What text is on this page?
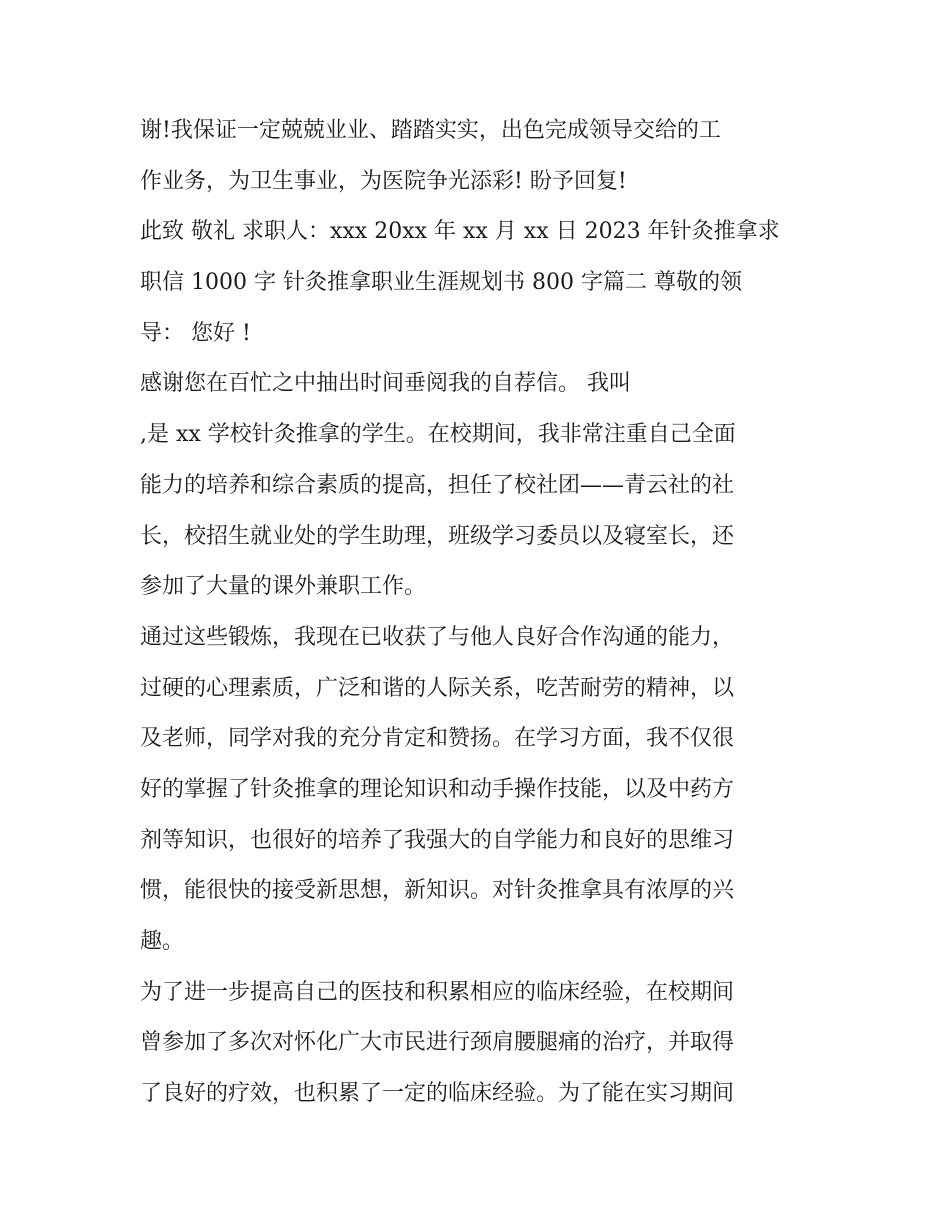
谢!我保证一定兢兢业业、踏踏实实，出色完成领导交给的工
作业务，为卫生事业，为医院争光添彩! 盼予回复!
此致 敬礼 求职人：xxx 20xx 年 xx 月 xx 日 2023 年针灸推拿求
职信 1000 字 针灸推拿职业生涯规划书 800 字篇二 尊敬的领
导： 您好 !
感谢您在百忙之中抽出时间垂阅我的自荐信。 我叫
,是 xx 学校针灸推拿的学生。在校期间，我非常注重自己全面
能力的培养和综合素质的提高，担任了校社团——青云社的社
长，校招生就业处的学生助理，班级学习委员以及寝室长，还
参加了大量的课外兼职工作。
通过这些锻炼，我现在已收获了与他人良好合作沟通的能力，
过硬的心理素质，广泛和谐的人际关系，吃苦耐劳的精神，以
及老师，同学对我的充分肯定和赞扬。在学习方面，我不仅很
好的掌握了针灸推拿的理论知识和动手操作技能，以及中药方
剂等知识，也很好的培养了我强大的自学能力和良好的思维习
惯，能很快的接受新思想，新知识。对针灸推拿具有浓厚的兴
趣。
为了进一步提高自己的医技和积累相应的临床经验，在校期间
曾参加了多次对怀化广大市民进行颈肩腰腿痛的治疗，并取得
了良好的疗效，也积累了一定的临床经验。为了能在实习期间
